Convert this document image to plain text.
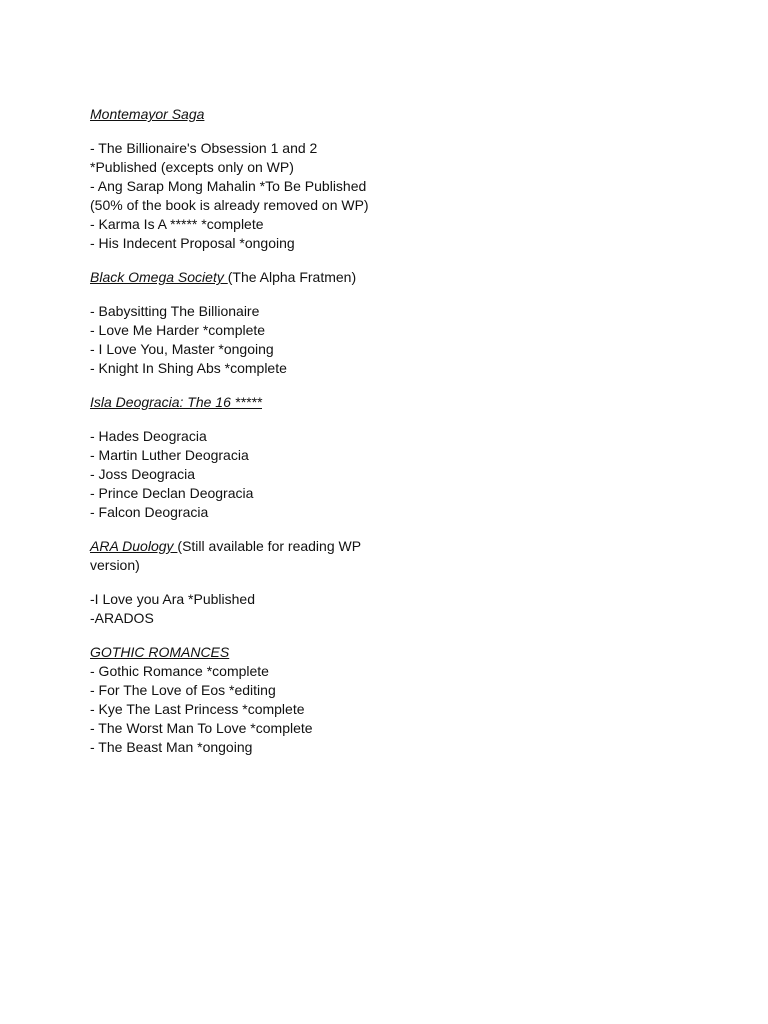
Montemayor Saga

- The Billionaire's Obsession 1 and 2 *Published (excepts only on WP)
- Ang Sarap Mong Mahalin *To Be Published (50% of the book is already removed on WP)
- Karma Is A ***** *complete
- His Indecent Proposal *ongoing

Black Omega Society (The Alpha Fratmen)

- Babysitting The Billionaire
- Love Me Harder *complete
- I Love You, Master *ongoing
- Knight In Shing Abs *complete

Isla Deogracia: The 16 *****

- Hades Deogracia
- Martin Luther Deogracia
- Joss Deogracia
- Prince Declan Deogracia
- Falcon Deogracia

ARA Duology (Still available for reading WP version)

-I Love you Ara *Published
-ARADOS

GOTHIC ROMANCES

- Gothic Romance *complete
- For The Love of Eos *editing
- Kye The Last Princess *complete
- The Worst Man To Love *complete
- The Beast Man *ongoing
